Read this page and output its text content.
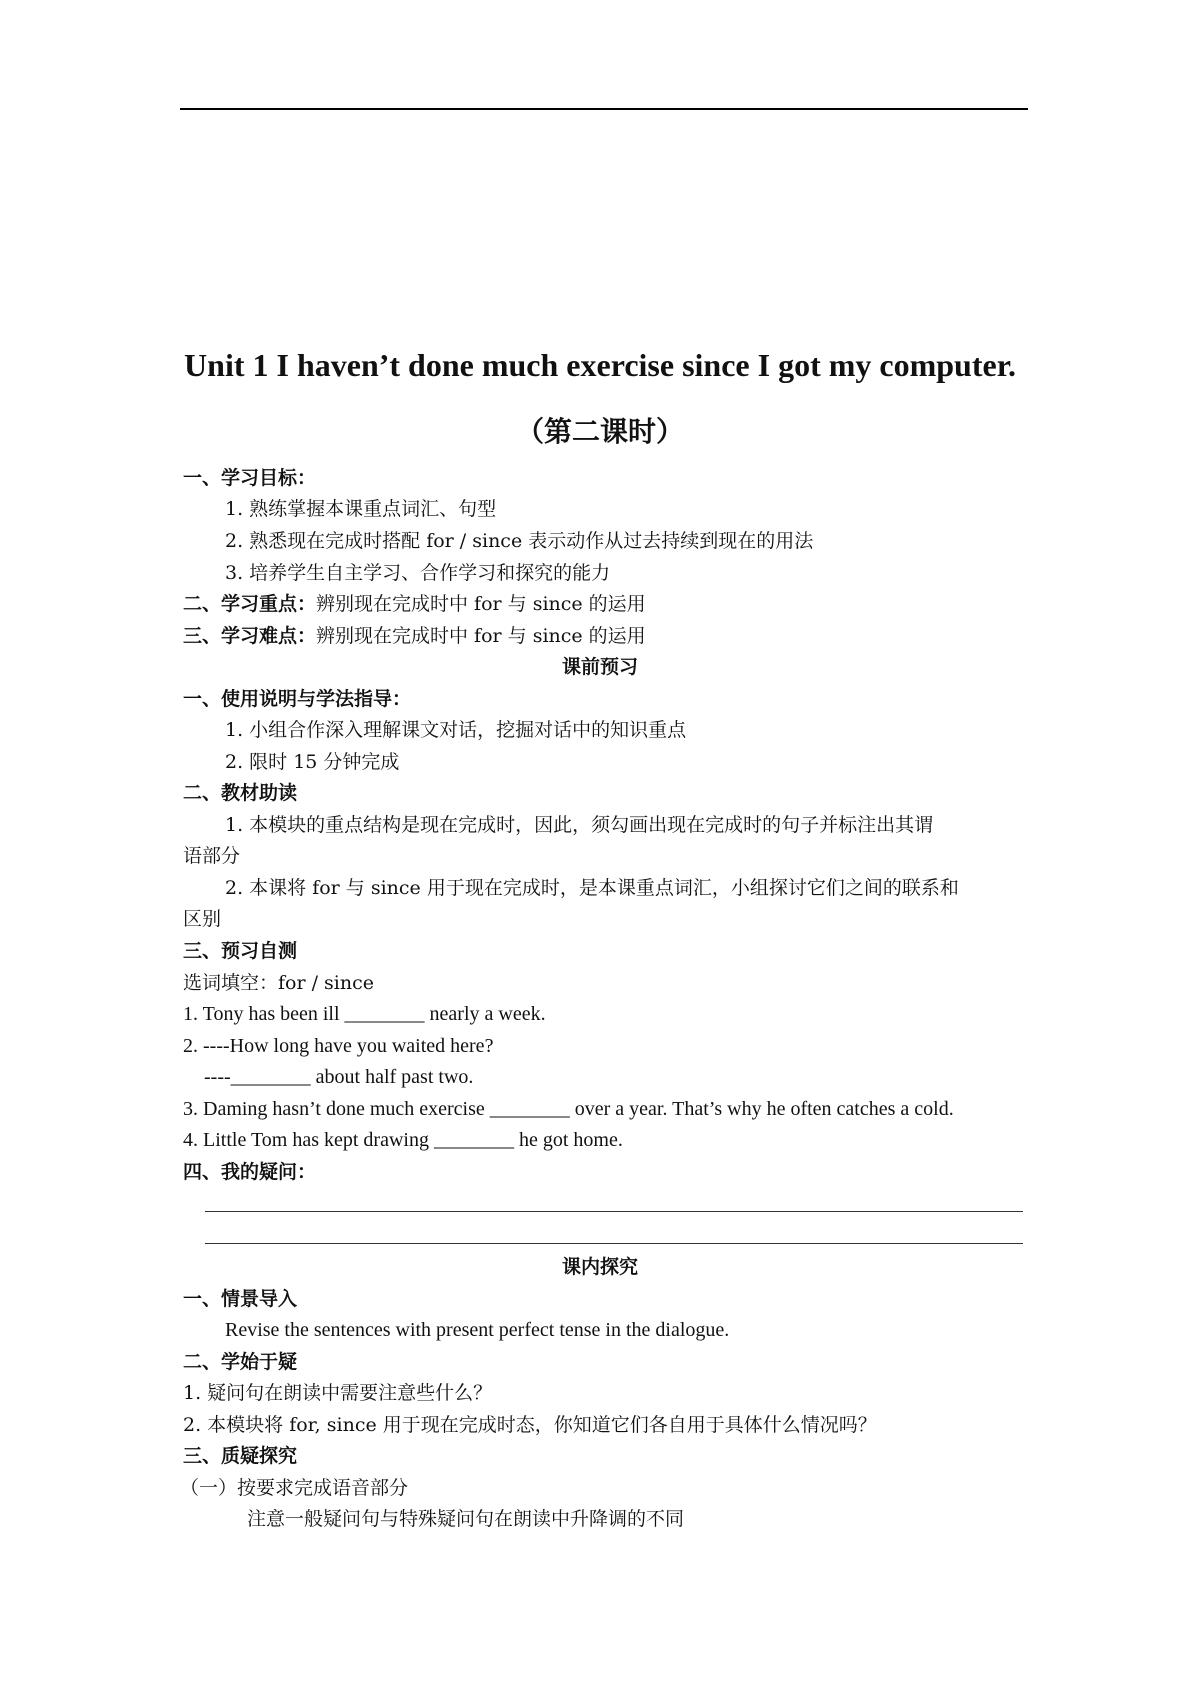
Unit 1 I haven’t done much exercise since I got my computer.
（第二课时）
一、学习目标：
1. 熟练掌握本课重点词汇、句型
2. 熟悉现在完成时搭配 for / since 表示动作从过去持续到现在的用法
3. 培养学生自主学习、合作学习和探究的能力
二、学习重点：辨别现在完成时中 for 与 since 的运用
三、学习难点：辨别现在完成时中 for 与 since 的运用
课前预习
一、使用说明与学法指导：
1. 小组合作深入理解课文对话，挖掘对话中的知识重点
2. 限时 15 分钟完成
二、教材助读
1. 本模块的重点结构是现在完成时，因此，须勾画出现在完成时的句子并标注出其谓
语部分
2. 本课将 for 与 since 用于现在完成时，是本课重点词汇，小组探讨它们之间的联系和
区别
三、预习自测
选词填空：for / since
1. Tony has been ill ________ nearly a week.
2. ----How long have you waited here?
----________ about half past two.
3. Daming hasn’t done much exercise ________ over a year. That’s why he often catches a cold.
4. Little Tom has kept drawing ________ he got home.
四、我的疑问：
课内探究
一、情景导入
Revise the sentences with present perfect tense in the dialogue.
二、学始于疑
1. 疑问句在朗读中需要注意些什么？
2. 本模块将 for, since 用于现在完成时态，你知道它们各自用于具体什么情况吗？
三、质疑探究
（一）按要求完成语音部分
注意一般疑问句与特殊疑问句在朗读中升降调的不同
